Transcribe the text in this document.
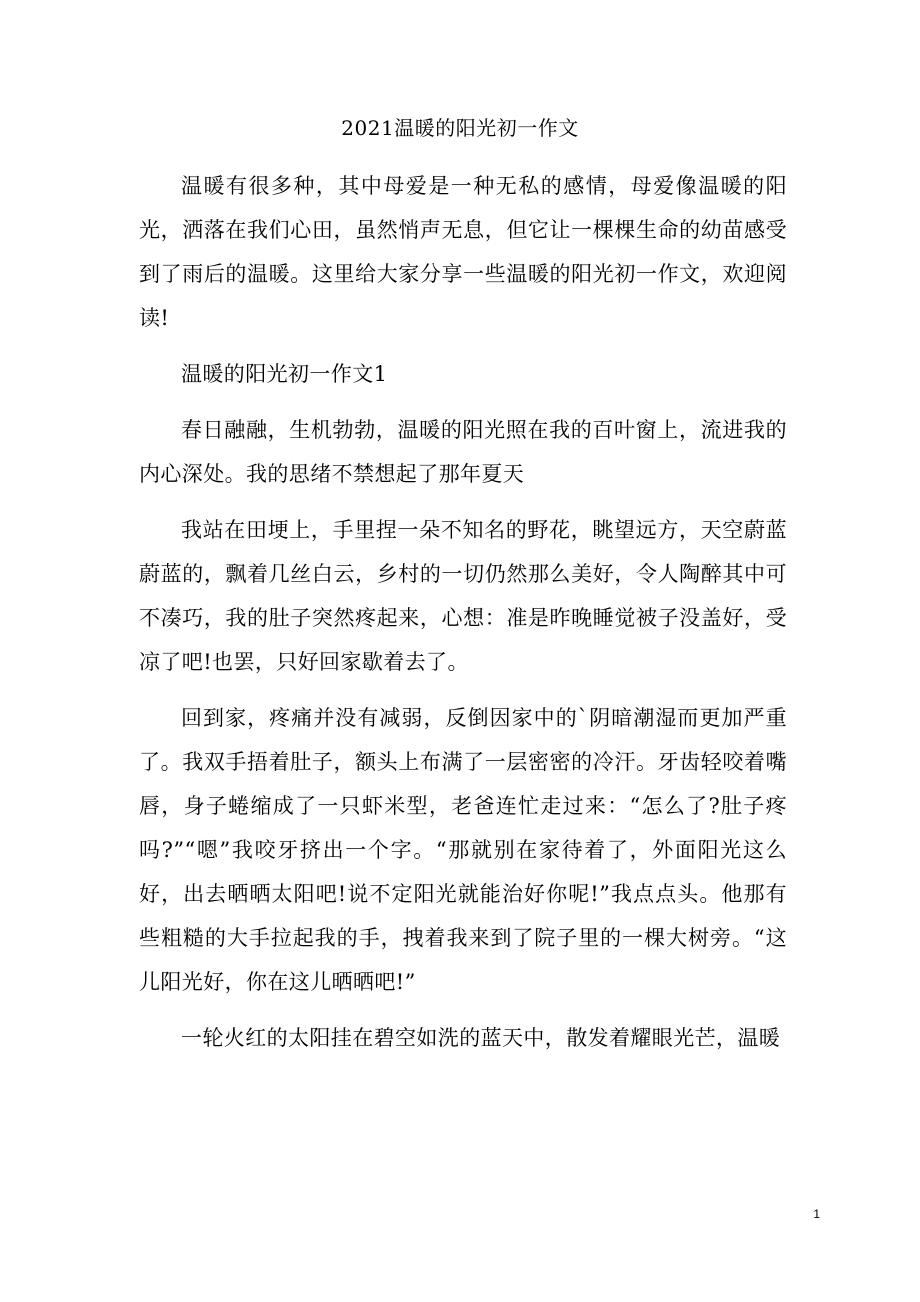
2021温暖的阳光初一作文

温暖有很多种，其中母爱是一种无私的感情，母爱像温暖的阳光，洒落在我们心田，虽然悄声无息，但它让一棵棵生命的幼苗感受到了雨后的温暖。这里给大家分享一些温暖的阳光初一作文，欢迎阅读!

温暖的阳光初一作文1

春日融融，生机勃勃，温暖的阳光照在我的百叶窗上，流进我的内心深处。我的思绪不禁想起了那年夏天

我站在田埂上，手里捏一朵不知名的野花，眺望远方，天空蔚蓝蔚蓝的，飘着几丝白云，乡村的一切仍然那么美好，令人陶醉其中可不凑巧，我的肚子突然疼起来，心想：准是昨晚睡觉被子没盖好，受凉了吧!也罢，只好回家歇着去了。

回到家，疼痛并没有减弱，反倒因家中的`阴暗潮湿而更加严重了。我双手捂着肚子，额头上布满了一层密密的冷汗。牙齿轻咬着嘴唇，身子蜷缩成了一只虾米型，老爸连忙走过来：“怎么了?肚子疼吗?”“嗯”我咬牙挤出一个字。“那就别在家待着了，外面阳光这么好，出去晒晒太阳吧!说不定阳光就能治好你呢!”我点点头。他那有些粗糙的大手拉起我的手，拽着我来到了院子里的一棵大树旁。“这儿阳光好，你在这儿晒晒吧!”

一轮火红的太阳挂在碧空如洗的蓝天中，散发着耀眼光芒，温暖

1
